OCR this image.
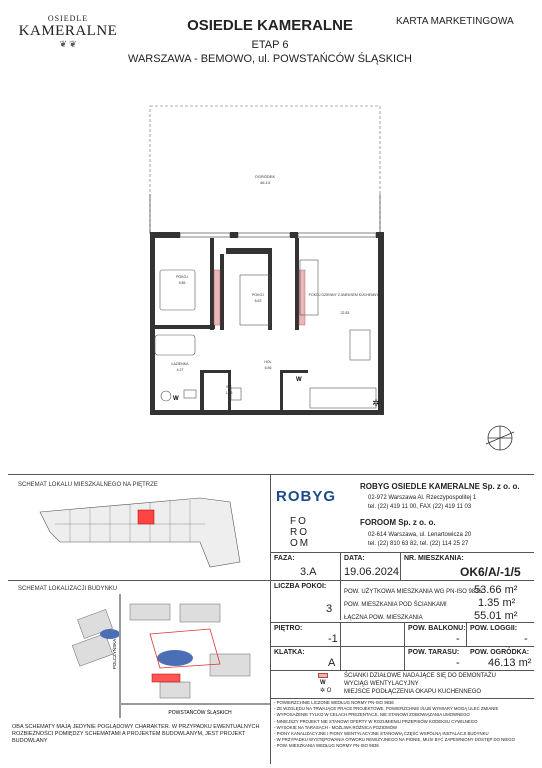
OSIEDLE
KAMERALNE
❦ ❦
OSIEDLE KAMERALNE
ETAP 6
WARSZAWA - BEMOWO, ul. POWSTAŃCÓW ŚLĄSKICH
KARTA MARKETINGOWA
OGRÓDEK
46.13
POKÓJ
9.86
POKÓJ
8.63
POKÓJ DZIENNY Z ANEKSEM KUCHENNYM
22.83
ŁAZIENKA
4.27
WC
1.53
HOL
6.56
W
W
✲
SCHEMAT LOKALU MIESZKALNEGO NA PIĘTRZE
SCHEMAT LOKALIZACJI BUDYNKU
POLCZYŃSKA
POWSTAŃCÓW ŚLĄSKICH
OBA SCHEMATY MAJĄ JEDYNIE POGLĄDOWY CHARAKTER. W PRZYPADKU EWENTUALNYCH ROZBIEŻNOŚCI POMIĘDZY SCHEMATAMI A PROJEKTEM BUDOWLANYM, JEST PROJEKT BUDOWLANY
ROBYG
ROBYG OSIEDLE KAMERALNE Sp. z o. o.
02-972 Warszawa Al. Rzeczypospolitej 1
tel. (22) 419 11 00, FAX (22) 419 11 03
FO
RO
OM
FOROOM Sp. z o. o.
02-614 Warszawa, ul. Lenartowicza 20
tel. (22) 810 63 82, tel. (22) 114 25 27
FAZA:
3.A
DATA:
19.06.2024
NR. MIESZKANIA:
OK6/A/-1/5
LICZBA POKOI:
3
POW. UŻYTKOWA MIESZKANIA WG PN-ISO 9836:
53.66 m²
POW. MIESZKANIA POD ŚCIANKAMI	1.35 m²
ŁĄCZNA POW. MIESZKANIA	55.01 m²
PIĘTRO:
-1
POW. BALKONU:
-
POW. LOGGII:
-
KLATKA:
A
POW. TARASU:
-
POW. OGRÓDKA:
46.13 m²
ŚCIANKI DZIAŁOWE NADAJĄCE SIĘ DO DEMONTAŻU
W	WYCIĄG WENTYLACYJNY
✲ O MIEJSCE PODŁĄCZENIA OKAPU KUCHENNEGO
- POWIERZCHNIE LICZONE WEDŁUG NORMY PN-ISO 9836
- ZE WZGLĘDU NA TRWAJĄCE PRACE PROJEKTOWE, POWIERZCHNIE I/LUB WYMIARY MOGĄ ULEC ZMIANIE
- WYPOSAŻENIE TYLKO W CELACH PREZENTACJI, NIE STANOWI ZOBOWIĄZANIA UMOWNEGO
- NINIEJSZY PROJEKT NIE STANOWI OFERTY W ROZUMIENIU PRZEPISÓW KODEKSU CYWILNEGO
- WYSOKIE NA TARASACH - MOŻLIWA RÓŻNICA POZIOMÓW
- PIONY KANALIZACYJNE I PIONY WENTYLACYJNE STANOWIĄ CZĘŚĆ WSPÓLNĄ INSTALACJI BUDYNKU
- W PRZYPADKU WYSTĘPOWANIA OTWORU REWIZYJNEGO NA PIONIE, MUSI BYĆ ZAPEWNIONY DOSTĘP DO NIEGO
- POW. MIESZKANIA WEDŁUG NORMY PN-ISO 9836
